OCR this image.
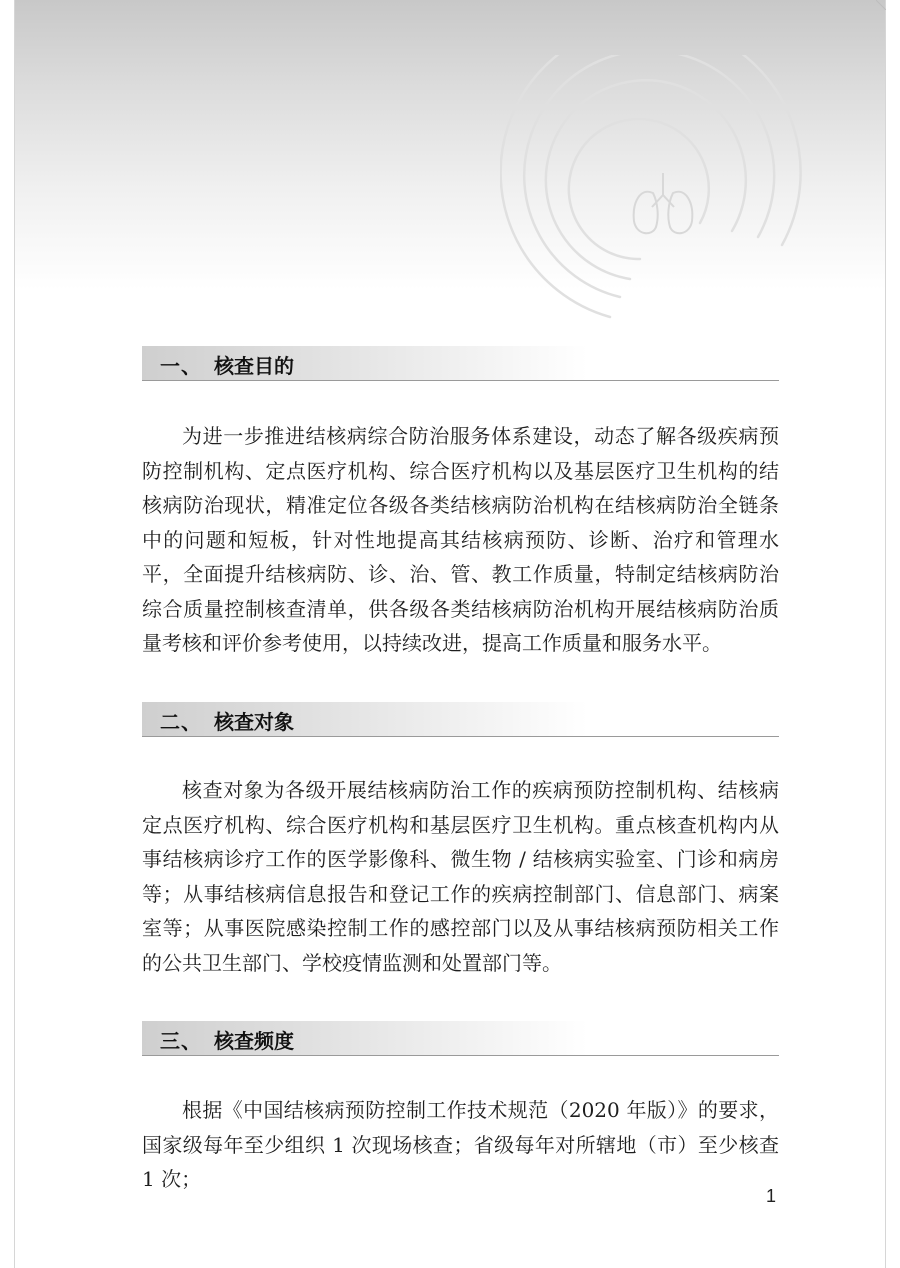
一、 核查目的

为进一步推进结核病综合防治服务体系建设，动态了解各级疾病预防控制机构、定点医疗机构、综合医疗机构以及基层医疗卫生机构的结核病防治现状，精准定位各级各类结核病防治机构在结核病防治全链条中的问题和短板，针对性地提高其结核病预防、诊断、治疗和管理水平，全面提升结核病防、诊、治、管、教工作质量，特制定结核病防治综合质量控制核查清单，供各级各类结核病防治机构开展结核病防治质量考核和评价参考使用，以持续改进，提高工作质量和服务水平。

二、 核查对象

核查对象为各级开展结核病防治工作的疾病预防控制机构、结核病定点医疗机构、综合医疗机构和基层医疗卫生机构。重点核查机构内从事结核病诊疗工作的医学影像科、微生物 / 结核病实验室、门诊和病房等；从事结核病信息报告和登记工作的疾病控制部门、信息部门、病案室等；从事医院感染控制工作的感控部门以及从事结核病预防相关工作的公共卫生部门、学校疫情监测和处置部门等。

三、 核查频度

根据《中国结核病预防控制工作技术规范（2020 年版）》的要求，国家级每年至少组织 1 次现场核查；省级每年对所辖地（市）至少核查 1 次；

1
